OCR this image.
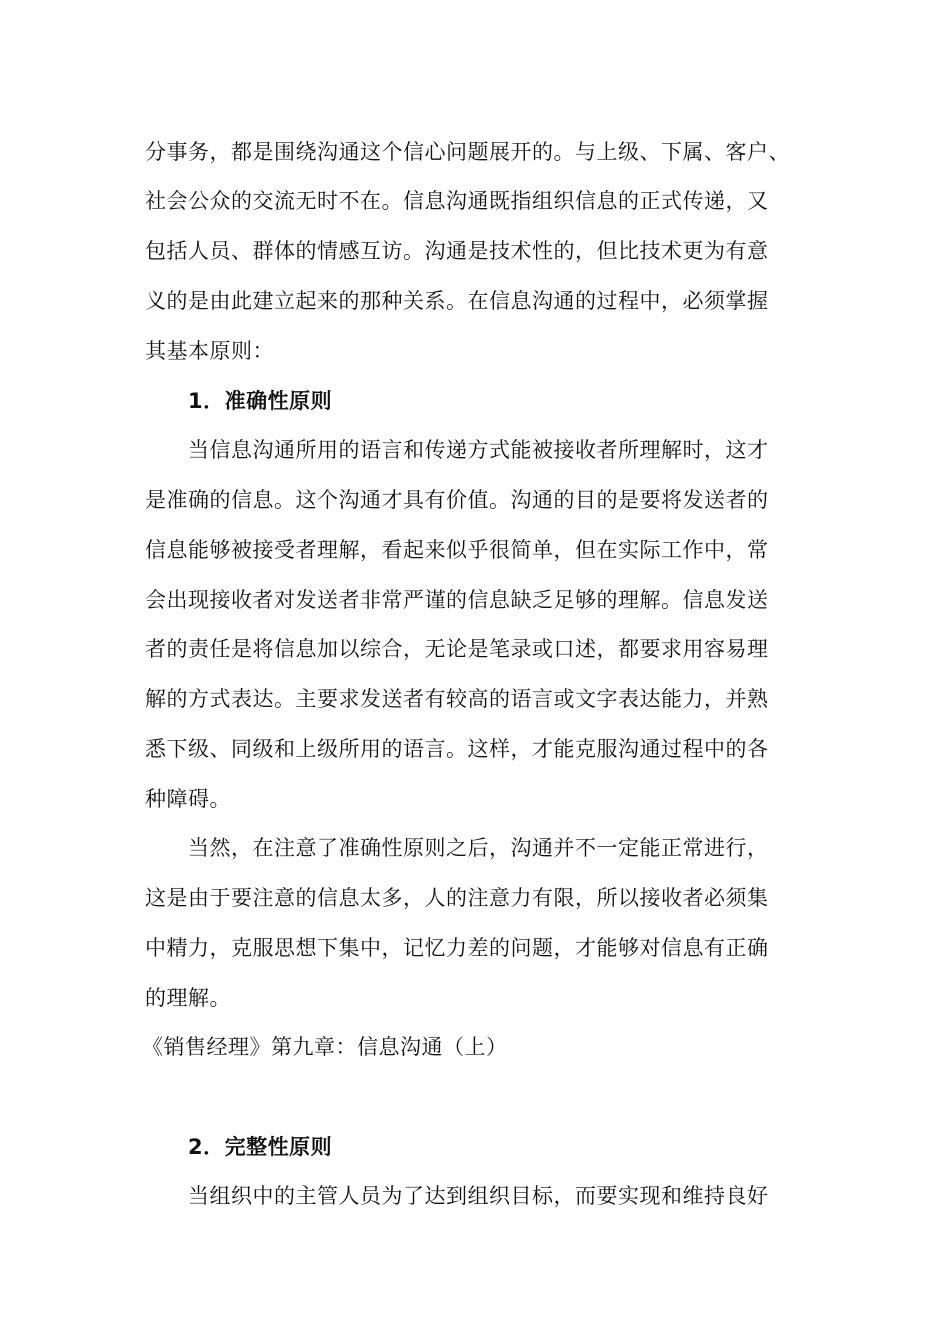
分事务，都是围绕沟通这个信心问题展开的。与上级、下属、客户、
社会公众的交流无时不在。信息沟通既指组织信息的正式传递，又
包括人员、群体的情感互访。沟通是技术性的，但比技术更为有意
义的是由此建立起来的那种关系。在信息沟通的过程中，必须掌握
其基本原则：
1．准确性原则
当信息沟通所用的语言和传递方式能被接收者所理解时，这才
是准确的信息。这个沟通才具有价值。沟通的目的是要将发送者的
信息能够被接受者理解，看起来似乎很简单，但在实际工作中，常
会出现接收者对发送者非常严谨的信息缺乏足够的理解。信息发送
者的责任是将信息加以综合，无论是笔录或口述，都要求用容易理
解的方式表达。主要求发送者有较高的语言或文字表达能力，并熟
悉下级、同级和上级所用的语言。这样，才能克服沟通过程中的各
种障碍。
当然，在注意了准确性原则之后，沟通并不一定能正常进行，
这是由于要注意的信息太多，人的注意力有限，所以接收者必须集
中精力，克服思想下集中，记忆力差的问题，才能够对信息有正确
的理解。
《销售经理》第九章：信息沟通（上）
2．完整性原则
当组织中的主管人员为了达到组织目标，而要实现和维持良好
